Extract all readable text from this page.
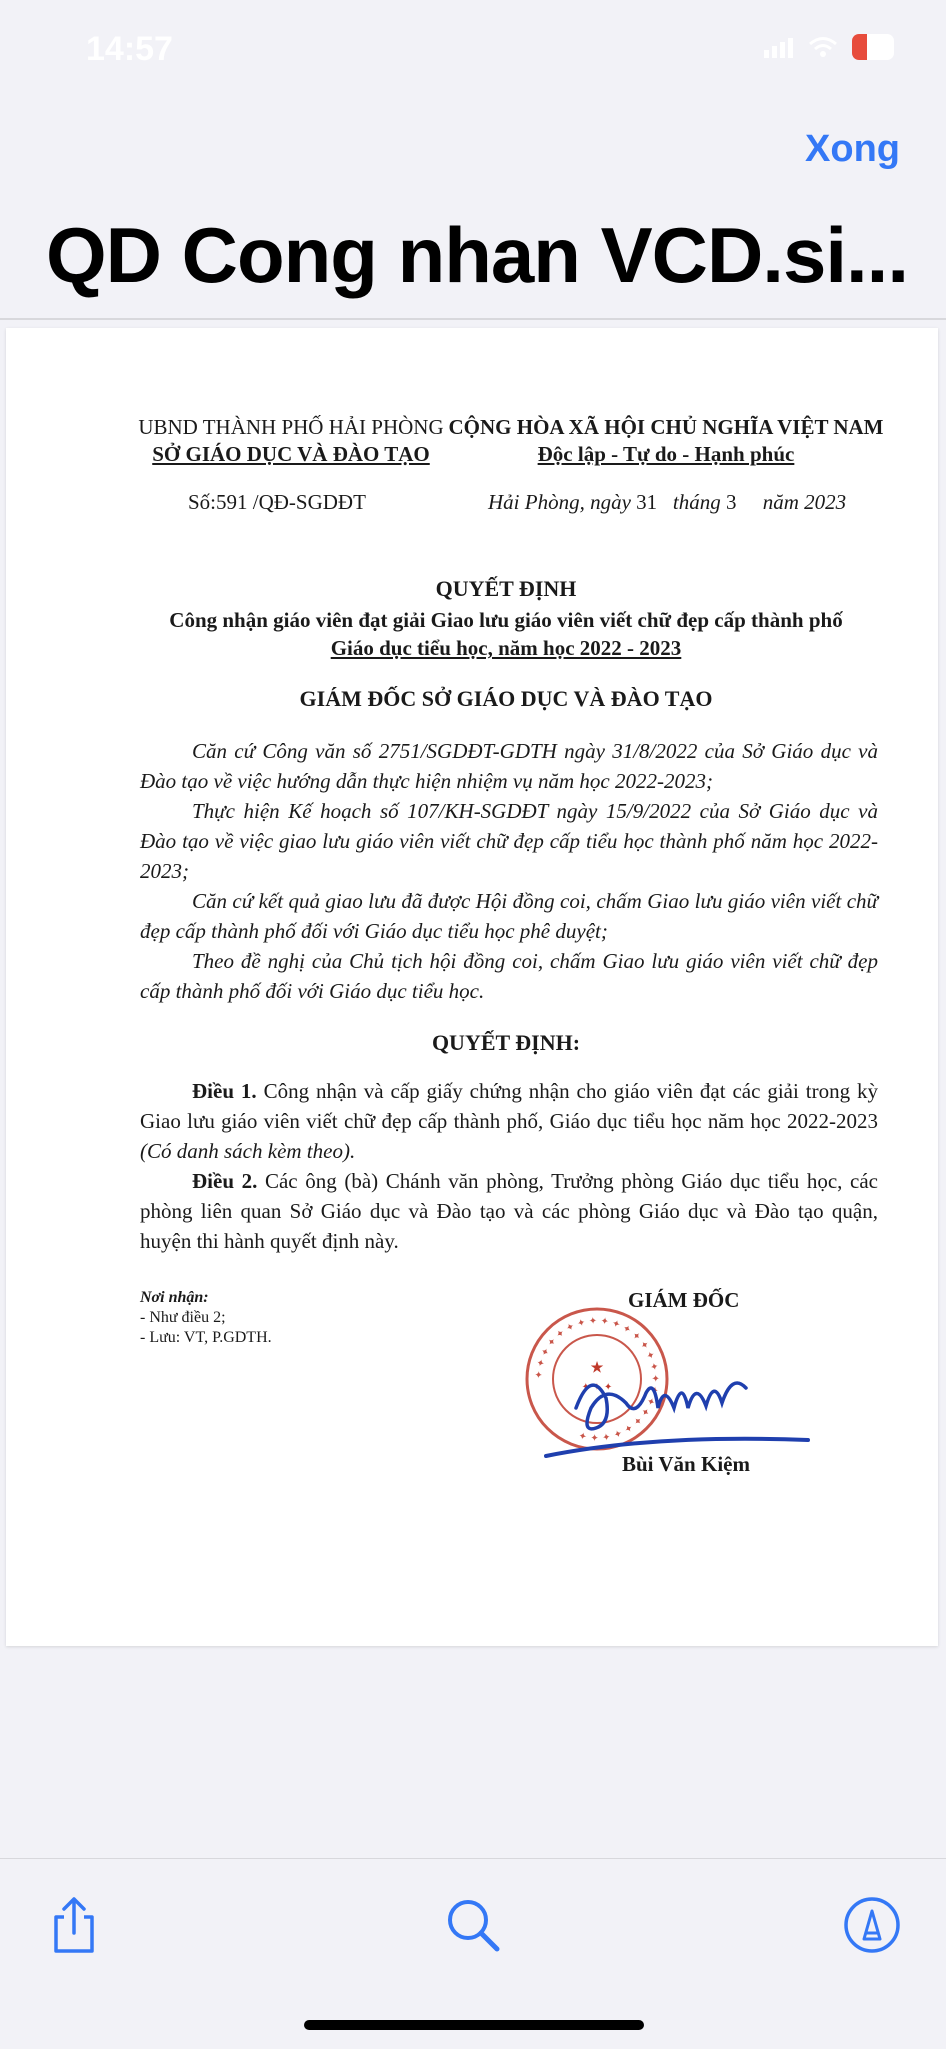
14:57
Xong
QD Cong nhan VCD.si...
UBND THÀNH PHỐ HẢI PHÒNG
SỞ GIÁO DỤC VÀ ĐÀO TẠO
CỘNG HÒA XÃ HỘI CHỦ NGHĨA VIỆT NAM
Độc lập - Tự do - Hạnh phúc
Số:591 /QĐ-SGDĐT	Hải Phòng, ngày 31 tháng 3 năm 2023
QUYẾT ĐỊNH
Công nhận giáo viên đạt giải Giao lưu giáo viên viết chữ đẹp cấp thành phố
Giáo dục tiểu học, năm học 2022 - 2023
GIÁM ĐỐC SỞ GIÁO DỤC VÀ ĐÀO TẠO

Căn cứ Công văn số 2751/SGDĐT-GDTH ngày 31/8/2022 của Sở Giáo dục và Đào tạo về việc hướng dẫn thực hiện nhiệm vụ năm học 2022-2023;

Thực hiện Kế hoạch số 107/KH-SGDĐT ngày 15/9/2022 của Sở Giáo dục và Đào tạo về việc giao lưu giáo viên viết chữ đẹp cấp tiểu học thành phố năm học 2022-2023;

Căn cứ kết quả giao lưu đã được Hội đồng coi, chấm Giao lưu giáo viên viết chữ đẹp cấp thành phố đối với Giáo dục tiểu học phê duyệt;

Theo đề nghị của Chủ tịch hội đồng coi, chấm Giao lưu giáo viên viết chữ đẹp cấp thành phố đối với Giáo dục tiểu học.

QUYẾT ĐỊNH:

Điều 1. Công nhận và cấp giấy chứng nhận cho giáo viên đạt các giải trong kỳ Giao lưu giáo viên viết chữ đẹp cấp thành phố, Giáo dục tiểu học năm học 2022-2023 (Có danh sách kèm theo).

Điều 2. Các ông (bà) Chánh văn phòng, Trưởng phòng Giáo dục tiểu học, các phòng liên quan Sở Giáo dục và Đào tạo và các phòng Giáo dục và Đào tạo quận, huyện thi hành quyết định này.

Nơi nhận:
- Như điều 2;
- Lưu: VT, P.GDTH.
GIÁM ĐỐC
✦ ✦ ✦ ✦ ✦ ✦ ✦ ✦ ✦ ✦ ✦ ✦ ✦ ✦ ✦ ✦ ✦ ✦ ✦ ✦ ✦ ✦ ✦ ✦ ✦
★
✦ ✦ ✦
Bùi Văn Kiệm
